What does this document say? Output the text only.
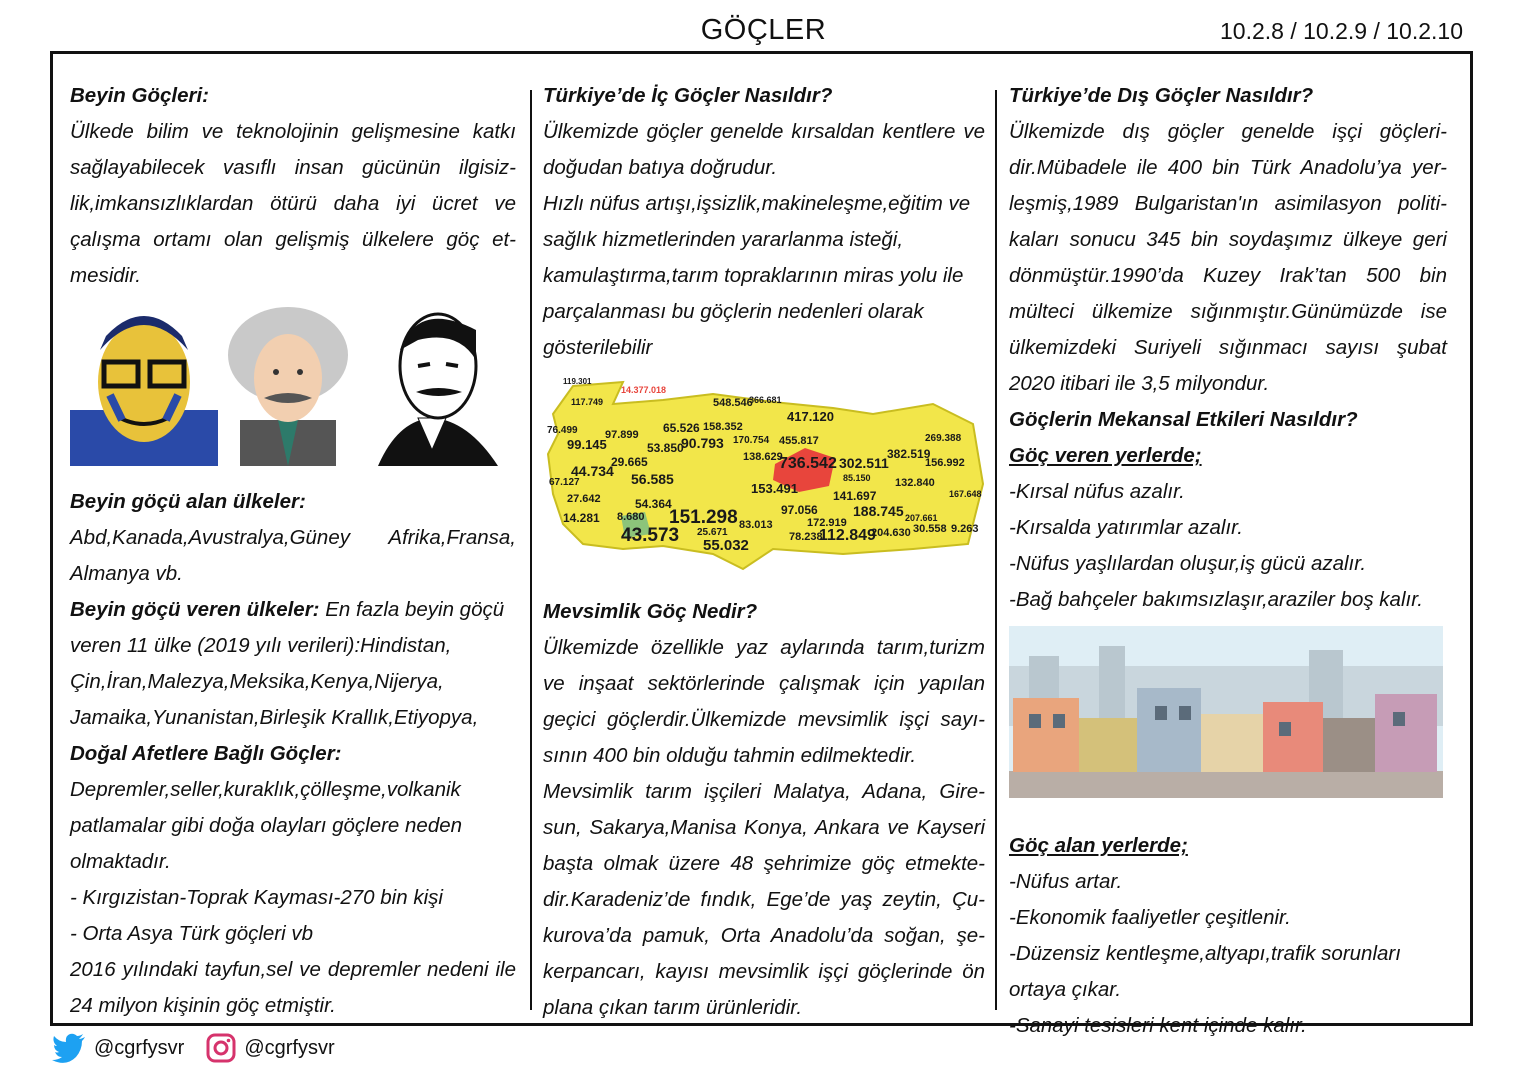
GÖÇLER	10.2.8 / 10.2.9 / 10.2.10

Beyin Göçleri:

Ülkede bilim ve teknolojinin gelişmesine katkı sağlayabilecek vasıflı insan gücünün ilgisiz-lik,imkansızlıklardan ötürü daha iyi ücret ve çalışma ortamı olan gelişmiş ülkelere göç et-mesidir.

Beyin göçü alan ülkeler:

Abd,Kanada,Avustralya,Güney Afrika,Fransa, Almanya vb.

Beyin göçü veren ülkeler: En fazla beyin göçü veren 11 ülke (2019 yılı verileri):Hindistan, Çin,İran,Malezya,Meksika,Kenya,Nijerya, Jamaika,Yunanistan,Birleşik Krallık,Etiyopya,

Doğal Afetlere Bağlı Göçler:

Depremler,seller,kuraklık,çölleşme,volkanik patlamalar gibi doğa olayları göçlere neden olmaktadır.

- Kırgızistan-Toprak Kayması-270 bin kişi

- Orta Asya Türk göçleri vb

2016 yılındaki tayfun,sel ve depremler nedeni ile 24 milyon kişinin göç etmiştir.

Türkiye’de İç Göçler Nasıldır?

Ülkemizde göçler genelde kırsaldan kentlere ve doğudan batıya doğrudur.

Hızlı nüfus artışı,işsizlik,makineleşme,eğitim ve sağlık hizmetlerinden yararlanma isteği, kamulaştırma,tarım topraklarının miras yolu ile parçalanması bu göçlerin nedenleri olarak gösterilebilir

14.377.018
119.301
117.749	548.546
366.681
417.120
76.499
99.145
97.899 65.526 158.352
90.793 170.754 455.817
736.542 302.511
382.519
269.388
156.992
44.734
29.665
53.850
138.629
67.127	56.585
153.491
85.150 132.840
27.642	54.364
141.697	167.648
14.281 8.680 151.298	97.056	188.745
43.573 25.671
83.013	172.919	207.661
55.032	78.238
112.849
204.630 30.558 9.263

Mevsimlik Göç Nedir?

Ülkemizde özellikle yaz aylarında tarım,turizm ve inşaat sektörlerinde çalışmak için yapılan geçici göçlerdir.Ülkemizde mevsimlik işçi sayı-sının 400 bin olduğu tahmin edilmektedir.

Mevsimlik tarım işçileri Malatya, Adana, Gire-sun, Sakarya,Manisa Konya, Ankara ve Kayseri başta olmak üzere 48 şehrimize göç etmekte-dir.Karadeniz’de fındık, Ege’de yaş zeytin, Çu-kurova’da pamuk, Orta Anadolu’da soğan, şe-kerpancarı, kayısı mevsimlik işçi göçlerinde ön plana çıkan tarım ürünleridir.

Türkiye’de Dış Göçler Nasıldır?

Ülkemizde dış göçler genelde işçi göçleri-dir.Mübadele ile 400 bin Türk Anadolu’ya yer-leşmiş,1989 Bulgaristan'ın asimilasyon politi-kaları sonucu 345 bin soydaşımız ülkeye geri dönmüştür.1990’da Kuzey Irak’tan 500 bin mülteci ülkemize sığınmıştır.Günümüzde ise ülkemizdeki Suriyeli sığınmacı sayısı şubat 2020 itibari ile 3,5 milyondur.

Göçlerin Mekansal Etkileri Nasıldır?

Göç veren yerlerde;

-Kırsal nüfus azalır.

-Kırsalda yatırımlar azalır.

-Nüfus yaşlılardan oluşur,iş gücü azalır.

-Bağ bahçeler bakımsızlaşır,araziler boş kalır.

Göç alan yerlerde;

-Nüfus artar.

-Ekonomik faaliyetler çeşitlenir.

-Düzensiz kentleşme,altyapı,trafik sorunları ortaya çıkar.

-Sanayi tesisleri kent içinde kalır.

@cgrfysvr	@cgrfysvr
